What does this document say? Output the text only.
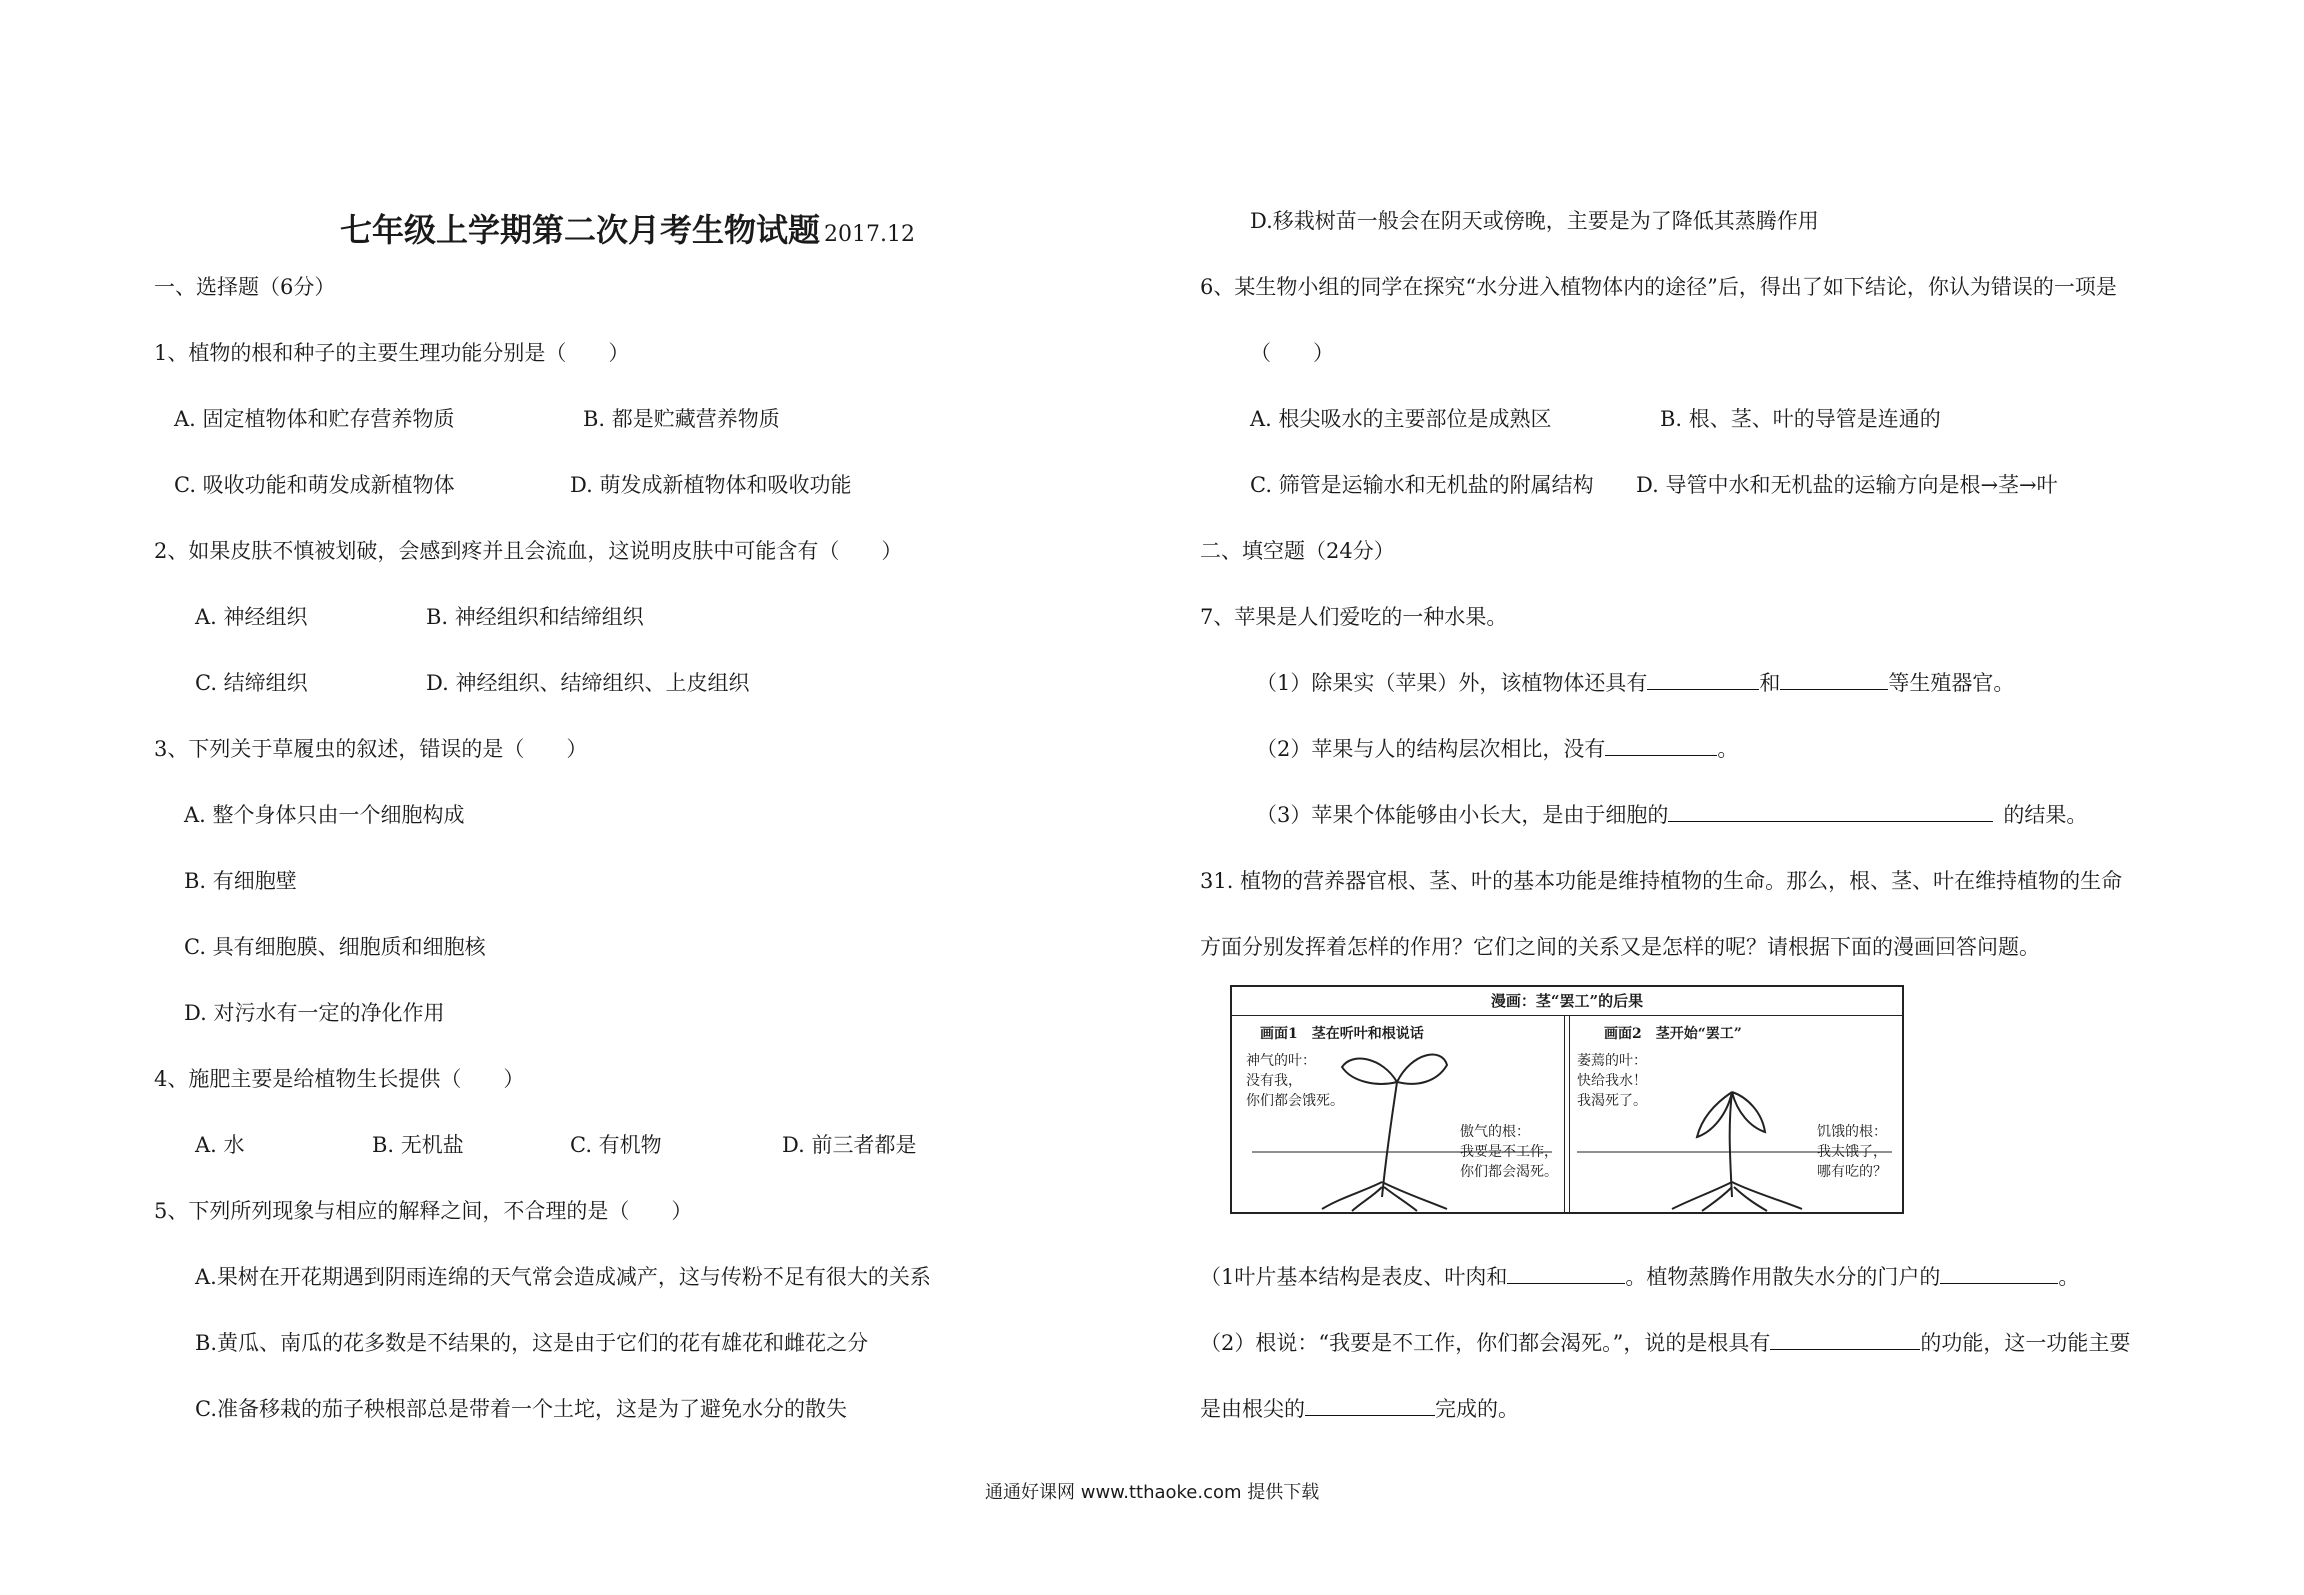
七年级上学期第二次月考生物试题 2017.12
一、选择题（6分）
1、植物的根和种子的主要生理功能分别是（　　）
A. 固定植物体和贮存营养物质	B. 都是贮藏营养物质
C. 吸收功能和萌发成新植物体	D. 萌发成新植物体和吸收功能
2、如果皮肤不慎被划破，会感到疼并且会流血，这说明皮肤中可能含有（　　）
A. 神经组织	B. 神经组织和结缔组织
C. 结缔组织	D. 神经组织、结缔组织、上皮组织
3、下列关于草履虫的叙述，错误的是（　　）
A. 整个身体只由一个细胞构成
B. 有细胞壁
C. 具有细胞膜、细胞质和细胞核
D. 对污水有一定的净化作用
4、施肥主要是给植物生长提供（　　）
A. 水	B. 无机盐	C. 有机物	D. 前三者都是
5、下列所列现象与相应的解释之间，不合理的是（　　）
A.果树在开花期遇到阴雨连绵的天气常会造成减产，这与传粉不足有很大的关系
B.黄瓜、南瓜的花多数是不结果的，这是由于它们的花有雄花和雌花之分
C.准备移栽的茄子秧根部总是带着一个土坨，这是为了避免水分的散失
D.移栽树苗一般会在阴天或傍晚，主要是为了降低其蒸腾作用
6、某生物小组的同学在探究“水分进入植物体内的途径”后，得出了如下结论，你认为错误的一项是
（　　）
A. 根尖吸水的主要部位是成熟区	B. 根、茎、叶的导管是连通的
C. 筛管是运输水和无机盐的附属结构 D. 导管中水和无机盐的运输方向是根→茎→叶
二、填空题（24分）
7、苹果是人们爱吃的一种水果。
（1）除果实（苹果）外，该植物体还具有	和	等生殖器官。
（2）苹果与人的结构层次相比，没有	。
（3）苹果个体能够由小长大，是由于细胞的	的结果。
31. 植物的营养器官根、茎、叶的基本功能是维持植物的生命。那么，根、茎、叶在维持植物的生命
方面分别发挥着怎样的作用？它们之间的关系又是怎样的呢？请根据下面的漫画回答问题。
漫画：茎“罢工”的后果
画面1　茎在听叶和根说话	画面2　茎开始“罢工”
神气的叶：
没有我，
你们都会饿死。
傲气的根：
我要是不工作，
你们都会渴死。
萎蔫的叶：
快给我水！
我渴死了。
饥饿的根：
我太饿了，
哪有吃的？
（1叶片基本结构是表皮、叶肉和	。植物蒸腾作用散失水分的门户的	。
（2）根说：“我要是不工作，你们都会渴死。”，说的是根具有	的功能，这一功能主要
是由根尖的	完成的。
通通好课网 www.tthaoke.com 提供下载
